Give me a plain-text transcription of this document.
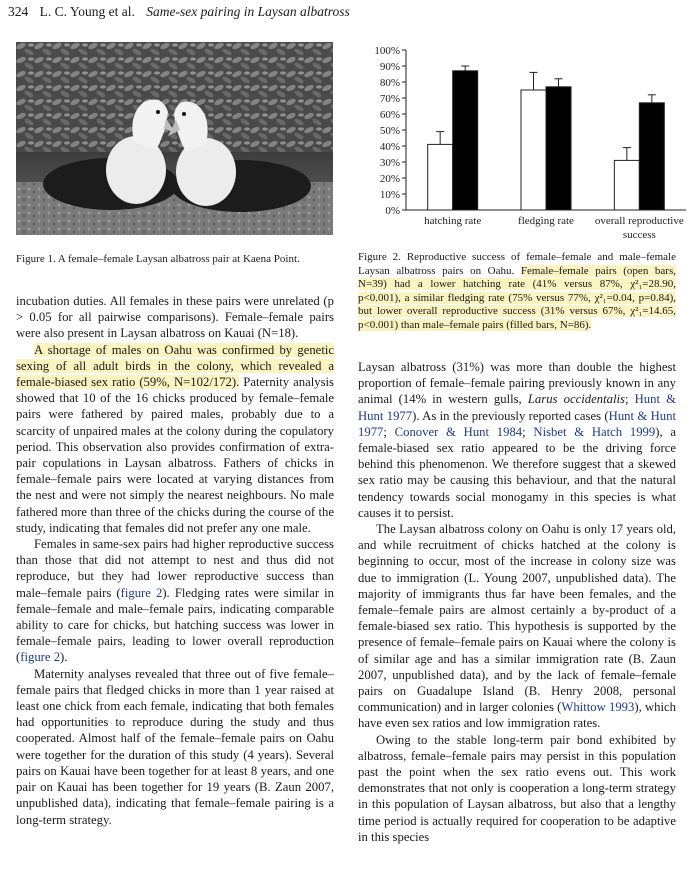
324 L. C. Young et al. Same-sex pairing in Laysan albatross
0%
10%
20%
30%
40%
50%
60%
70%
80%
90%
100%
hatching rate	fledging rate overall reproductive
success
Figure 1. A female–female Laysan albatross pair at Kaena Point.	Figure 2. Reproductive success of female–female and male–female Laysan albatross pairs on Oahu. Female–female pairs (open bars, N=39) had a lower hatching rate (41% versus 87%, χ²₁=28.90, p<0.001), a similar fledging rate (75% versus 77%, χ²₁=0.04, p=0.84), but lower overall reproductive success (31% versus 67%, χ²₁=14.65, p<0.001) than male–female pairs (filled bars, N=86).

incubation duties. All females in these pairs were unrelated (p > 0.05 for all pairwise comparisons). Female–female pairs were also present in Laysan albatross on Kauai (N=18).

A shortage of males on Oahu was confirmed by genetic sexing of all adult birds in the colony, which revealed a female-biased sex ratio (59%, N=102/172). Paternity analysis showed that 10 of the 16 chicks produced by female–female pairs were fathered by paired males, probably due to a scarcity of unpaired males at the colony during the copulatory period. This observation also provides confirmation of extra-pair copulations in Laysan albatross. Fathers of chicks in female–female pairs were located at varying distances from the nest and were not simply the nearest neighbours. No male fathered more than three of the chicks during the course of the study, indicating that females did not prefer any one male.

Females in same-sex pairs had higher reproductive success than those that did not attempt to nest and thus did not reproduce, but they had lower reproductive success than male–female pairs (figure 2). Fledging rates were similar in female–female and male–female pairs, indicating comparable ability to care for chicks, but hatching success was lower in female–female pairs, leading to lower overall reproduction (figure 2).

Maternity analyses revealed that three out of five female–female pairs that fledged chicks in more than 1 year raised at least one chick from each female, indicating that both females had opportunities to reproduce during the study and thus cooperated. Almost half of the female–female pairs on Oahu were together for the duration of this study (4 years). Several pairs on Kauai have been together for at least 8 years, and one pair on Kauai has been together for 19 years (B. Zaun 2007, unpublished data), indicating that female–female pairing is a long-term strategy.

Laysan albatross (31%) was more than double the highest proportion of female–female pairing previously known in any animal (14% in western gulls, Larus occidentalis; Hunt & Hunt 1977). As in the previously reported cases (Hunt & Hunt 1977; Conover & Hunt 1984; Nisbet & Hatch 1999), a female-biased sex ratio appeared to be the driving force behind this phenomenon. We therefore suggest that a skewed sex ratio may be causing this behaviour, and that the natural tendency towards social monogamy in this species is what causes it to persist.

The Laysan albatross colony on Oahu is only 17 years old, and while recruitment of chicks hatched at the colony is beginning to occur, most of the increase in colony size was due to immigration (L. Young 2007, unpublished data). The majority of immigrants thus far have been females, and the female–female pairs are almost certainly a by-product of a female-biased sex ratio. This hypothesis is supported by the presence of female–female pairs on Kauai where the colony is of similar age and has a similar immigration rate (B. Zaun 2007, unpublished data), and by the lack of female–female pairs on Guadalupe Island (B. Henry 2008, personal communication) and in larger colonies (Whittow 1993), which have even sex ratios and low immigration rates.

Owing to the stable long-term pair bond exhibited by albatross, female–female pairs may persist in this population past the point when the sex ratio evens out. This work demonstrates that not only is cooperation a long-term strategy in this population of Laysan albatross, but also that a lengthy time period is actually required for cooperation to be adaptive in this species
